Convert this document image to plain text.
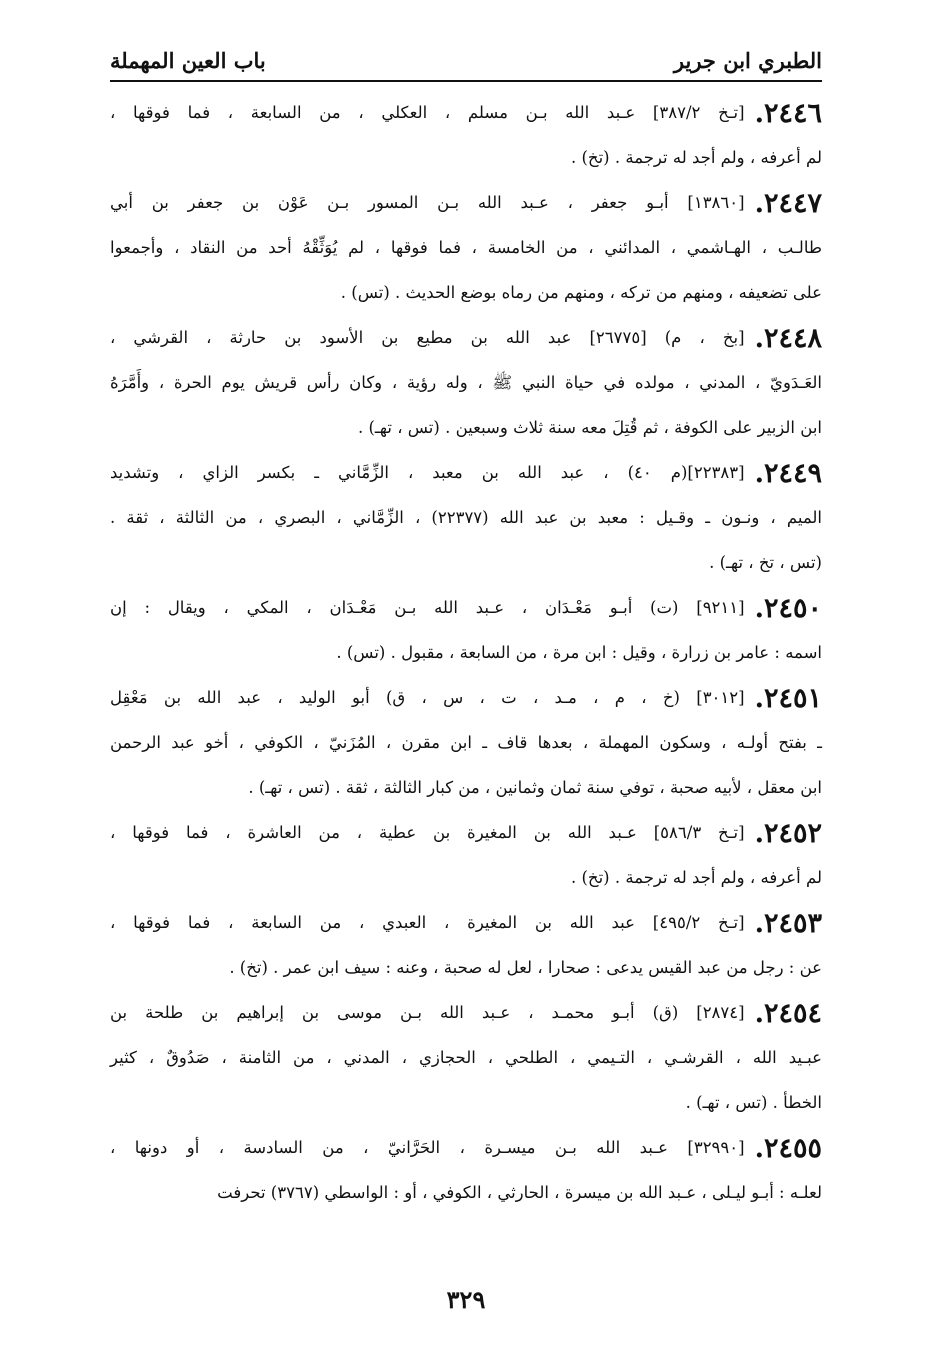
الطبري ابن جرير
باب العين المهملة
٢٤٤٦.[تـخ ٣٨٧/٢] عـبد الله بـن مسلم ، العكلي ، من السابعة ، فما فوقها ،
لم أعرفه ، ولم أجد له ترجمة . (تخ) .
٢٤٤٧.[١٣٨٦٠] أبـو جعفر ، عـبد الله بـن المسور بـن عَوْن بن جعفر بن أبي
طالـب ، الهـاشمي ، المدائني ، من الخامسة ، فما فوقها ، لم يُوَثِّقْهُ أحد من النقاد ، وأجمعوا
على تضعيفه ، ومنهم من تركه ، ومنهم من رماه بوضع الحديث . (تس) .
٢٤٤٨.[بخ ، م) [٢٦٧٧٥] عبد الله بن مطيع بن الأسود بن حارثة ، القرشي ،
العَـدَويّ ، المدني ، مولده في حياة النبي ﷺ ، وله رؤية ، وكان رأس قريش يوم الحرة ، وأَمَّرَهُ
ابن الزبير على الكوفة ، ثم قُتِلَ معه سنة ثلاث وسبعين . (تس ، تهـ) .
٢٤٤٩.[٢٢٣٨٣](م ٤٠) ، عبد الله بن معبد ، الزِّمَّاني ـ بكسر الزاي ، وتشديد
الميم ، ونـون ـ وقـيل : معبد بن عبد الله (٢٢٣٧٧) ، الزِّمَّاني ، البصري ، من الثالثة ، ثقة .
(تس ، تخ ، تهـ) .
٢٤٥٠.[٩٢١١] (ت) أبـو مَعْـدَان ، عـبد الله بـن مَعْـدَان ، المكي ، ويقال : إن
اسمه : عامر بن زرارة ، وقيل : ابن مرة ، من السابعة ، مقبول . (تس) .
٢٤٥١.[٣٠١٢] (خ ، م ، مـد ، ت ، س ، ق) أبو الوليد ، عبد الله بن مَعْقِل
ـ بفتح أولـه ، وسكون المهملة ، بعدها قاف ـ ابن مقرن ، المُزَنيّ ، الكوفي ، أخو عبد الرحمن
ابن معقل ، لأبيه صحبة ، توفي سنة ثمان وثمانين ، من كبار الثالثة ، ثقة . (تس ، تهـ) .
٢٤٥٢.[تـخ ٥٨٦/٣] عـبد الله بن المغيرة بن عطية ، من العاشرة ، فما فوقها ،
لم أعرفه ، ولم أجد له ترجمة . (تخ) .
٢٤٥٣.[تـخ ٤٩٥/٢] عبد الله بن المغيرة ، العبدي ، من السابعة ، فما فوقها ،
عن : رجل من عبد القيس يدعى : صحارا ، لعل له صحبة ، وعنه : سيف ابن عمر . (تخ) .
٢٤٥٤.[٢٨٧٤] (ق) أبـو محمـد ، عـبد الله بـن موسى بن إبراهيم بن طلحة بن
عبـيد الله ، القرشـي ، التـيمي ، الطلحي ، الحجازي ، المدني ، من الثامنة ، صَدُوقٌ ، كثير
الخطأ . (تس ، تهـ) .
٢٤٥٥.[٣٢٩٩٠] عـبد الله بـن ميسـرة ، الحَرَّانيّ ، من السادسة ، أو دونها ،
لعلـه : أبـو ليـلى ، عـبد الله بن ميسرة ، الحارثي ، الكوفي ، أو : الواسطي (٣٧٦٧) تحرفت
٣٢٩
